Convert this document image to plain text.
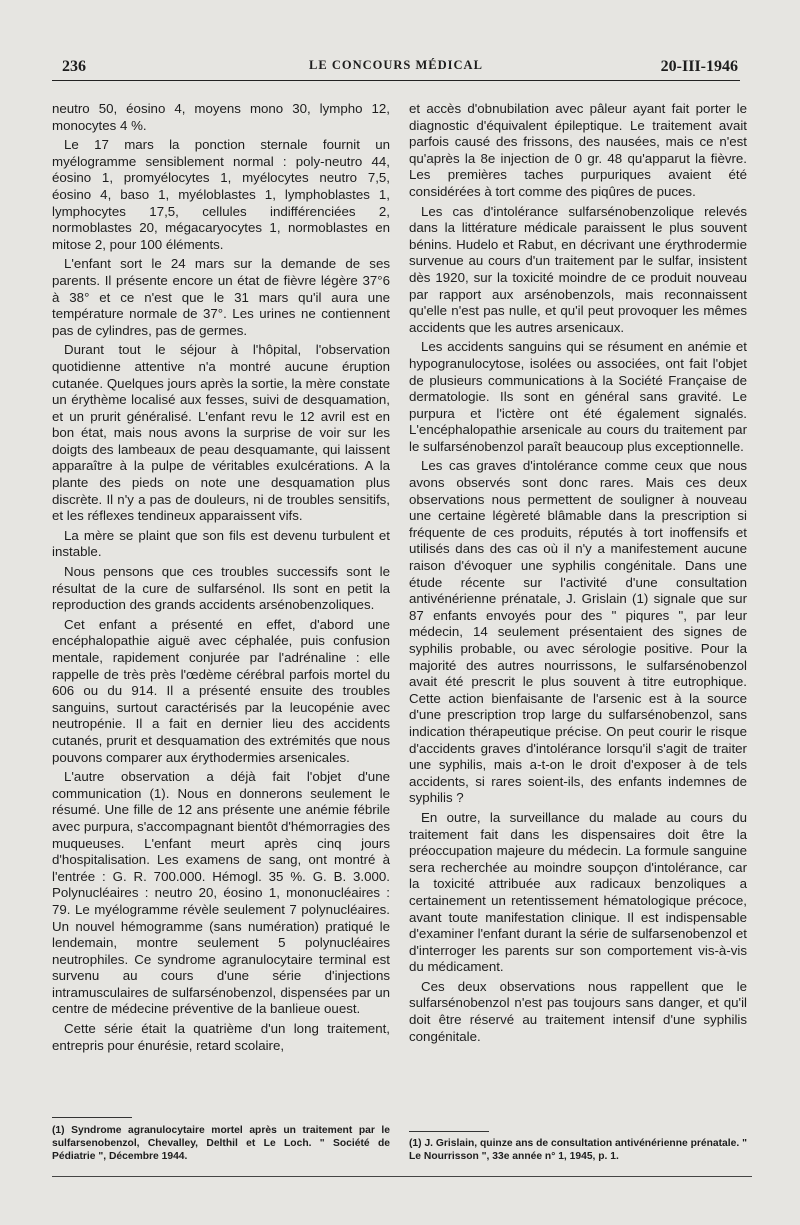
236	LE CONCOURS MÉDICAL	20-III-1946

neutro 50, éosino 4, moyens mono 30, lympho 12, monocytes 4 %.

Le 17 mars la ponction sternale fournit un myélogramme sensiblement normal : poly-neutro 44, éosino 1, promyélocytes 1, myélocytes neutro 7,5, éosino 4, baso 1, myéloblastes 1, lymphoblastes 1, lymphocytes 17,5, cellules indifférenciées 2, normoblastes 20, mégacaryocytes 1, normoblastes en mitose 2, pour 100 éléments.

L'enfant sort le 24 mars sur la demande de ses parents. Il présente encore un état de fièvre légère 37°6 à 38° et ce n'est que le 31 mars qu'il aura une température normale de 37°. Les urines ne contiennent pas de cylindres, pas de germes.

Durant tout le séjour à l'hôpital, l'observation quotidienne attentive n'a montré aucune éruption cutanée. Quelques jours après la sortie, la mère constate un érythème localisé aux fesses, suivi de desquamation, et un prurit généralisé. L'enfant revu le 12 avril est en bon état, mais nous avons la surprise de voir sur les doigts des lambeaux de peau desquamante, qui laissent apparaître à la pulpe de véritables exulcérations. A la plante des pieds on note une desquamation plus discrète. Il n'y a pas de douleurs, ni de troubles sensitifs, et les réflexes tendineux apparaissent vifs.

La mère se plaint que son fils est devenu turbulent et instable.

Nous pensons que ces troubles successifs sont le résultat de la cure de sulfarsénol. Ils sont en petit la reproduction des grands accidents arsénobenzoliques.

Cet enfant a présenté en effet, d'abord une encéphalopathie aiguë avec céphalée, puis confusion mentale, rapidement conjurée par l'adrénaline : elle rappelle de très près l'œdème cérébral parfois mortel du 606 ou du 914. Il a présenté ensuite des troubles sanguins, surtout caractérisés par la leucopénie avec neutropénie. Il a fait en dernier lieu des accidents cutanés, prurit et desquamation des extrémités que nous pouvons comparer aux érythodermies arsenicales.

L'autre observation a déjà fait l'objet d'une communication (1). Nous en donnerons seulement le résumé. Une fille de 12 ans présente une anémie fébrile avec purpura, s'accompagnant bientôt d'hémorragies des muqueuses. L'enfant meurt après cinq jours d'hospitalisation. Les examens de sang, ont montré à l'entrée : G. R. 700.000. Hémogl. 35 %. G. B. 3.000. Polynucléaires : neutro 20, éosino 1, mononucléaires : 79. Le myélogramme révèle seulement 7 polynucléaires. Un nouvel hémogramme (sans numération) pratiqué le lendemain, montre seulement 5 polynucléaires neutrophiles. Ce syndrome agranulocytaire terminal est survenu au cours d'une série d'injections intramusculaires de sulfarsénobenzol, dispensées par un centre de médecine préventive de la banlieue ouest.

Cette série était la quatrième d'un long traitement, entrepris pour énurésie, retard scolaire,

et accès d'obnubilation avec pâleur ayant fait porter le diagnostic d'équivalent épileptique. Le traitement avait parfois causé des frissons, des nausées, mais ce n'est qu'après la 8e injection de 0 gr. 48 qu'apparut la fièvre. Les premières taches purpuriques avaient été considérées à tort comme des piqûres de puces.

Les cas d'intolérance sulfarsénobenzolique relevés dans la littérature médicale paraissent le plus souvent bénins. Hudelo et Rabut, en décrivant une érythrodermie survenue au cours d'un traitement par le sulfar, insistent dès 1920, sur la toxicité moindre de ce produit nouveau par rapport aux arsénobenzols, mais reconnaissent qu'elle n'est pas nulle, et qu'il peut provoquer les mêmes accidents que les autres arsenicaux.

Les accidents sanguins qui se résument en anémie et hypogranulocytose, isolées ou associées, ont fait l'objet de plusieurs communications à la Société Française de dermatologie. Ils sont en général sans gravité. Le purpura et l'ictère ont été également signalés. L'encéphalopathie arsenicale au cours du traitement par le sulfarsénobenzol paraît beaucoup plus exceptionnelle.

Les cas graves d'intolérance comme ceux que nous avons observés sont donc rares. Mais ces deux observations nous permettent de souligner à nouveau une certaine légèreté blâmable dans la prescription si fréquente de ces produits, réputés à tort inoffensifs et utilisés dans des cas où il n'y a manifestement aucune raison d'évoquer une syphilis congénitale. Dans une étude récente sur l'activité d'une consultation antivénérienne prénatale, J. Grislain (1) signale que sur 87 enfants envoyés pour des " piqures ", par leur médecin, 14 seulement présentaient des signes de syphilis probable, ou avec sérologie positive. Pour la majorité des autres nourrissons, le sulfarsénobenzol avait été prescrit le plus souvent à titre eutrophique. Cette action bienfaisante de l'arsenic est à la source d'une prescription trop large du sulfarsénobenzol, sans indication thérapeutique précise. On peut courir le risque d'accidents graves d'intolérance lorsqu'il s'agit de traiter une syphilis, mais a-t-on le droit d'exposer à de tels accidents, si rares soient-ils, des enfants indemnes de syphilis ?

En outre, la surveillance du malade au cours du traitement fait dans les dispensaires doit être la préoccupation majeure du médecin. La formule sanguine sera recherchée au moindre soupçon d'intolérance, car la toxicité attribuée aux radicaux benzoliques a certainement un retentissement hématologique précoce, avant toute manifestation clinique. Il est indispensable d'examiner l'enfant durant la série de sulfarsenobenzol et d'interroger les parents sur son comportement vis-à-vis du médicament.

Ces deux observations nous rappellent que le sulfarsénobenzol n'est pas toujours sans danger, et qu'il doit être réservé au traitement intensif d'une syphilis congénitale.

(1) Syndrome agranulocytaire mortel après un traitement par le sulfarsenobenzol, Chevalley, Delthil et Le Loch. " Société de Pédiatrie ", Décembre 1944.
(1) J. Grislain, quinze ans de consultation antivénérienne prénatale. " Le Nourrisson ", 33e année n° 1, 1945, p. 1.
